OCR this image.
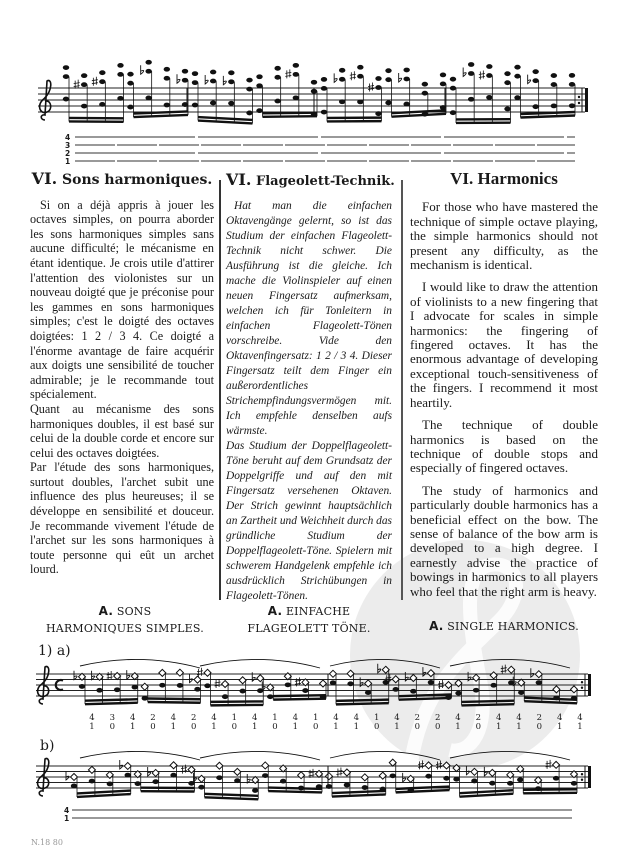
4
3
2
1
VI. Sons harmoniques.

Si on a déjà appris à jouer les octaves simples, on pourra aborder les sons harmoniques simples sans aucune difficulté; le mécanisme en étant identique. Je crois utile d'attirer l'attention des violonistes sur un nouveau doigté que je préconise pour les gammes en sons harmoniques simples; c'est le doigté des octaves doigtées: 1 2 / 3 4. Ce doigté a l'énorme avantage de faire acquérir aux doigts une sensibilité de toucher admirable; je le recommande tout spécialement.

Quant au mécanisme des sons harmoniques doubles, il est basé sur celui de la double corde et encore sur celui des octaves doigtées.

Par l'étude des sons harmoniques, surtout doubles, l'archet subit une influence des plus heureuses; il se développe en sensibilité et douceur. Je recommande vivement l'étude de l'archet sur les sons harmoniques à toute personne qui eût un archet lourd.

VI. Flageolett-Technik.

Hat man die einfachen Oktavengänge gelernt, so ist das Studium der einfachen Flageolett-Technik nicht schwer. Die Ausführung ist die gleiche. Ich mache die Violinspieler auf einen neuen Fingersatz aufmerksam, welchen ich für Tonleitern in einfachen Flageolett-Tönen vorschreibe. Vide den Oktavenfingersatz: 1 2 / 3 4. Dieser Fingersatz teilt dem Finger ein außerordentliches Strichempfindungsvermögen mit. Ich empfehle denselben aufs wärmste.

Das Studium der Doppelflageolett-Töne beruht auf dem Grundsatz der Doppelgriffe und auf den mit Fingersatz versehenen Oktaven. Der Strich gewinnt hauptsächlich an Zartheit und Weichheit durch das gründliche Studium der Doppelflageolett-Töne. Spielern mit schwerem Handgelenk empfehle ich ausdrücklich Strichübungen in Flageolett-Tönen.

VI. Harmonics

For those who have mastered the technique of simple octave playing, the simple harmonics should not present any difficulty, as the mechanism is identical.

I would like to draw the attention of violinists to a new fingering that I advocate for scales in simple harmonics: the fingering of fingered octaves. It has the enormous advantage of developing exceptional touch-sensitiveness of the fingers. I recommend it most heartily.

The technique of double harmonics is based on the technique of double stops and especially of fingered octaves.

The study of harmonics and particularly double harmonics has a beneficial effect on the bow. The sense of balance of the bow arm is developed to a high degree. I earnestly advise the practice of bowings in harmonics to all players who feel that the right arm is heavy.

A. SONS
HARMONIQUES SIMPLES.
A. EINFACHE
FLAGEOLETT TÖNE.	A. SINGLE HARMONICS.
1) a)
4
1
3
0
4
1
2
0
4
1
2
0
4
1
1
0
4
1
1
0
4
1
1
0
4
1
4
1
1
0
4
1
2
0
2
0
4
1
2
0
4
1
4
1
2
0
4
1
4
1
b)
4
1
N.18 80
